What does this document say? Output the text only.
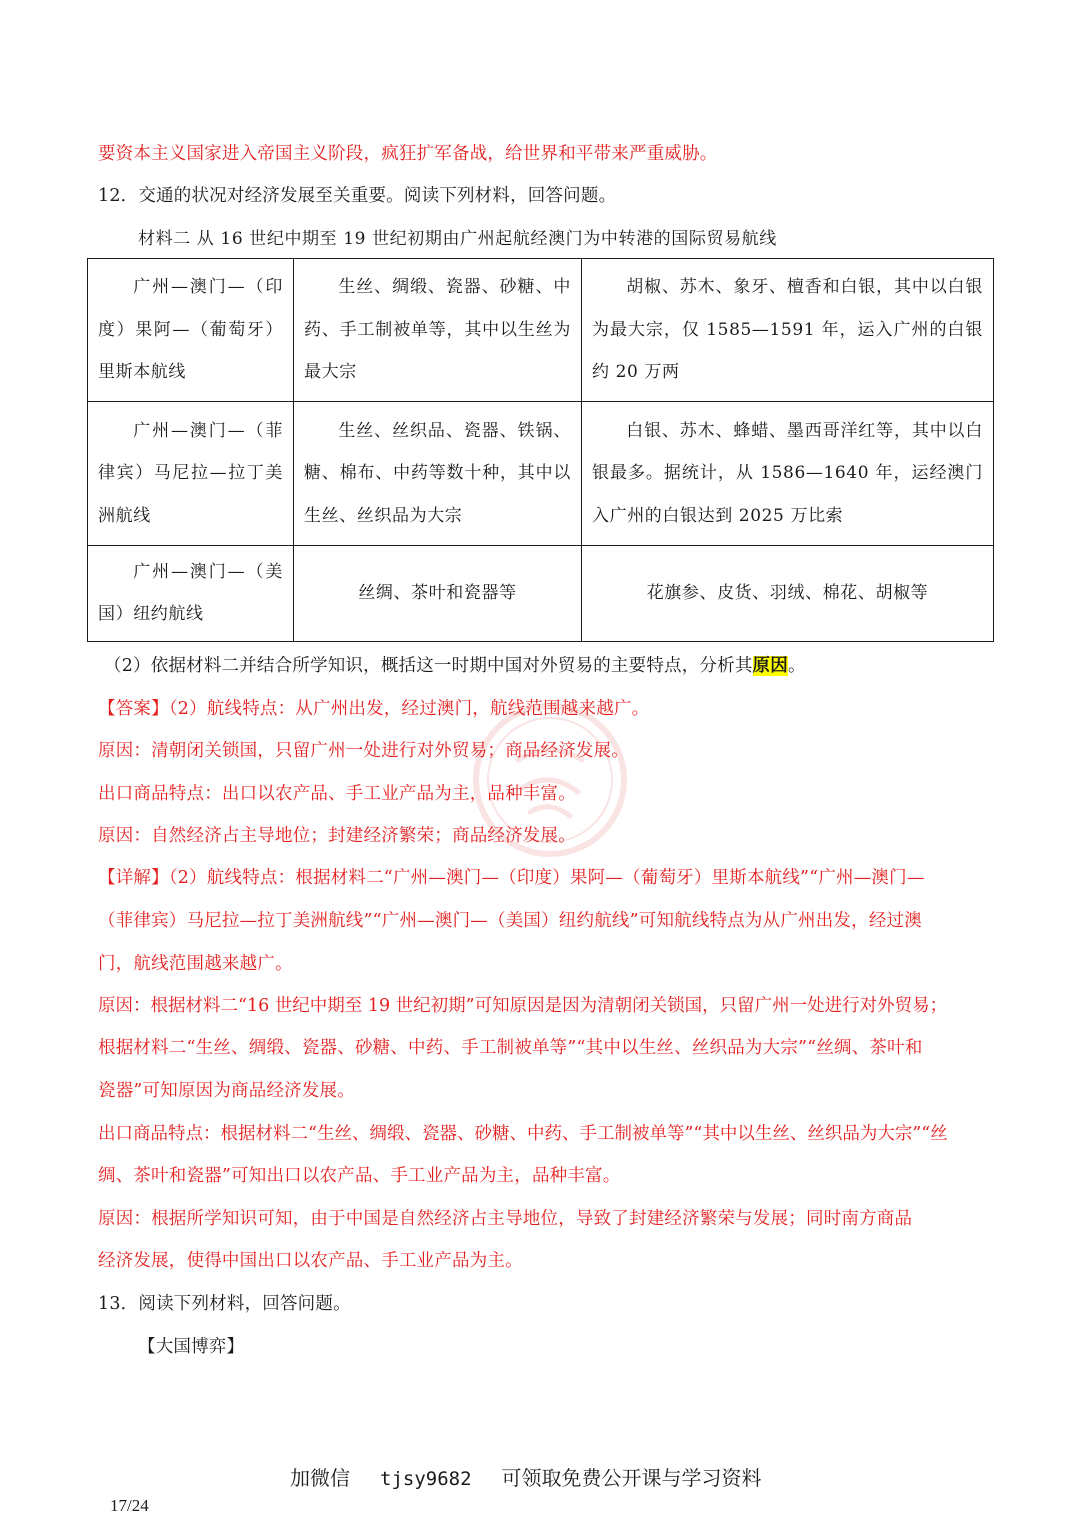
要资本主义国家进入帝国主义阶段，疯狂扩军备战，给世界和平带来严重威胁。
12．交通的状况对经济发展至关重要。阅读下列材料，回答问题。
材料二 从 16 世纪中期至 19 世纪初期由广州起航经澳门为中转港的国际贸易航线
广州—澳门—（印度）果阿—（葡萄牙）里斯本航线	生丝、绸缎、瓷器、砂糖、中药、手工制被单等，其中以生丝为最大宗	胡椒、苏木、象牙、檀香和白银，其中以白银为最大宗，仅 1585—1591 年，运入广州的白银约 20 万两
广州—澳门—（菲律宾）马尼拉—拉丁美洲航线	生丝、丝织品、瓷器、铁锅、糖、棉布、中药等数十种，其中以生丝、丝织品为大宗	白银、苏木、蜂蜡、墨西哥洋红等，其中以白银最多。据统计，从 1586—1640 年，运经澳门入广州的白银达到 2025 万比索
广州—澳门—（美国）纽约航线	丝绸、茶叶和瓷器等	花旗参、皮货、羽绒、棉花、胡椒等
（2）依据材料二并结合所学知识，概括这一时期中国对外贸易的主要特点，分析其原因。
【答案】（2）航线特点：从广州出发，经过澳门，航线范围越来越广。
原因：清朝闭关锁国，只留广州一处进行对外贸易；商品经济发展。
出口商品特点：出口以农产品、手工业产品为主，品种丰富。
原因：自然经济占主导地位；封建经济繁荣；商品经济发展。
【详解】（2）航线特点：根据材料二“广州—澳门—（印度）果阿—（葡萄牙）里斯本航线”“广州—澳门—
（菲律宾）马尼拉—拉丁美洲航线”“广州—澳门—（美国）纽约航线”可知航线特点为从广州出发，经过澳
门，航线范围越来越广。
原因：根据材料二“16 世纪中期至 19 世纪初期”可知原因是因为清朝闭关锁国，只留广州一处进行对外贸易；
根据材料二“生丝、绸缎、瓷器、砂糖、中药、手工制被单等”“其中以生丝、丝织品为大宗”“丝绸、茶叶和
瓷器”可知原因为商品经济发展。
出口商品特点：根据材料二“生丝、绸缎、瓷器、砂糖、中药、手工制被单等”“其中以生丝、丝织品为大宗”“丝
绸、茶叶和瓷器”可知出口以农产品、手工业产品为主，品种丰富。
原因：根据所学知识可知，由于中国是自然经济占主导地位，导致了封建经济繁荣与发展；同时南方商品
经济发展，使得中国出口以农产品、手工业产品为主。
13．阅读下列材料，回答问题。
【大国博弈】
加微信 tjsy9682 可领取免费公开课与学习资料
17/24
